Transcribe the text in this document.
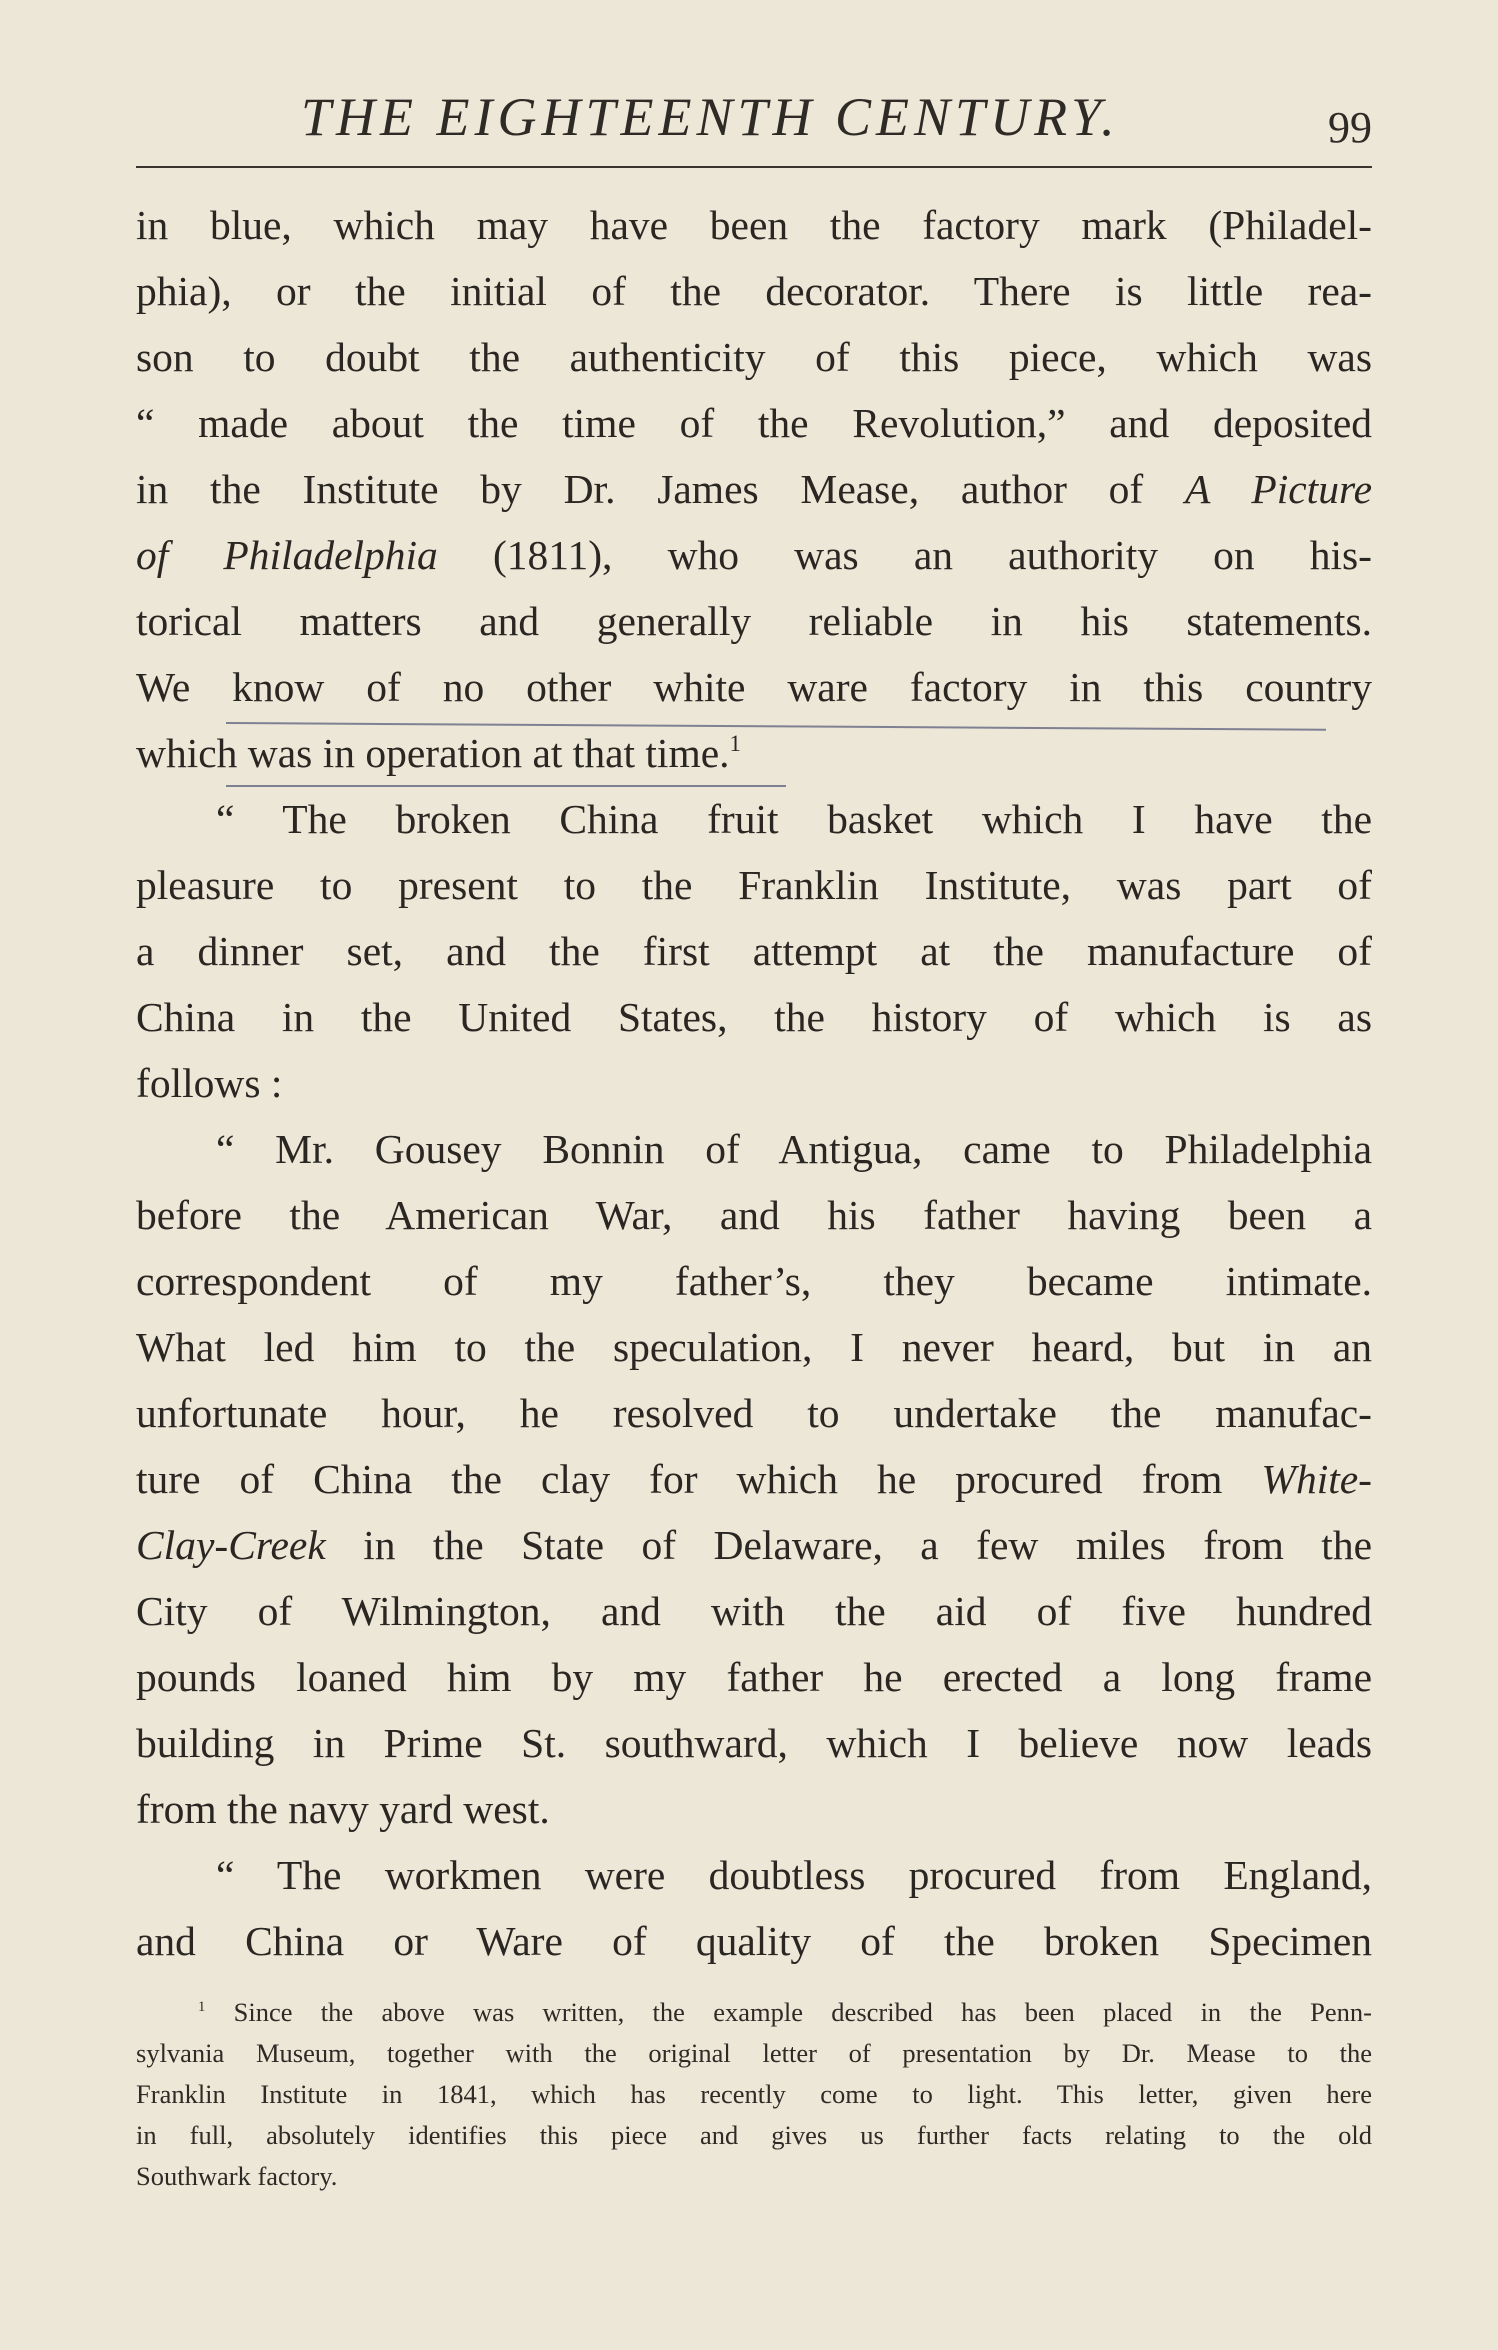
THE EIGHTEENTH CENTURY.	99
in blue, which may have been the factory mark (Philadel-
phia), or the initial of the decorator. There is little rea-
son to doubt the authenticity of this piece, which was
“ made about the time of the Revolution,” and deposited
in the Institute by Dr. James Mease, author of A Picture
of Philadelphia (1811), who was an authority on his-
torical matters and generally reliable in his statements.
We know of no other white ware factory in this country
which was in operation at that time.$^1$
“ The broken China fruit basket which I have the
pleasure to present to the Franklin Institute, was part of
a dinner set, and the first attempt at the manufacture of
China in the United States, the history of which is as
follows :
“ Mr. Gousey Bonnin of Antigua, came to Philadelphia
before the American War, and his father having been a
correspondent of my father’s, they became intimate.
What led him to the speculation, I never heard, but in an
unfortunate hour, he resolved to undertake the manufac-
ture of China the clay for which he procured from White-
Clay-Creek in the State of Delaware, a few miles from the
City of Wilmington, and with the aid of five hundred
pounds loaned him by my father he erected a long frame
building in Prime St. southward, which I believe now leads
from the navy yard west.
“ The workmen were doubtless procured from England,
and China or Ware of quality of the broken Specimen
$^1$ Since the above was written, the example described has been placed in the Penn-
sylvania Museum, together with the original letter of presentation by Dr. Mease to the
Franklin Institute in 1841, which has recently come to light. This letter, given here
in full, absolutely identifies this piece and gives us further facts relating to the old
Southwark factory.
